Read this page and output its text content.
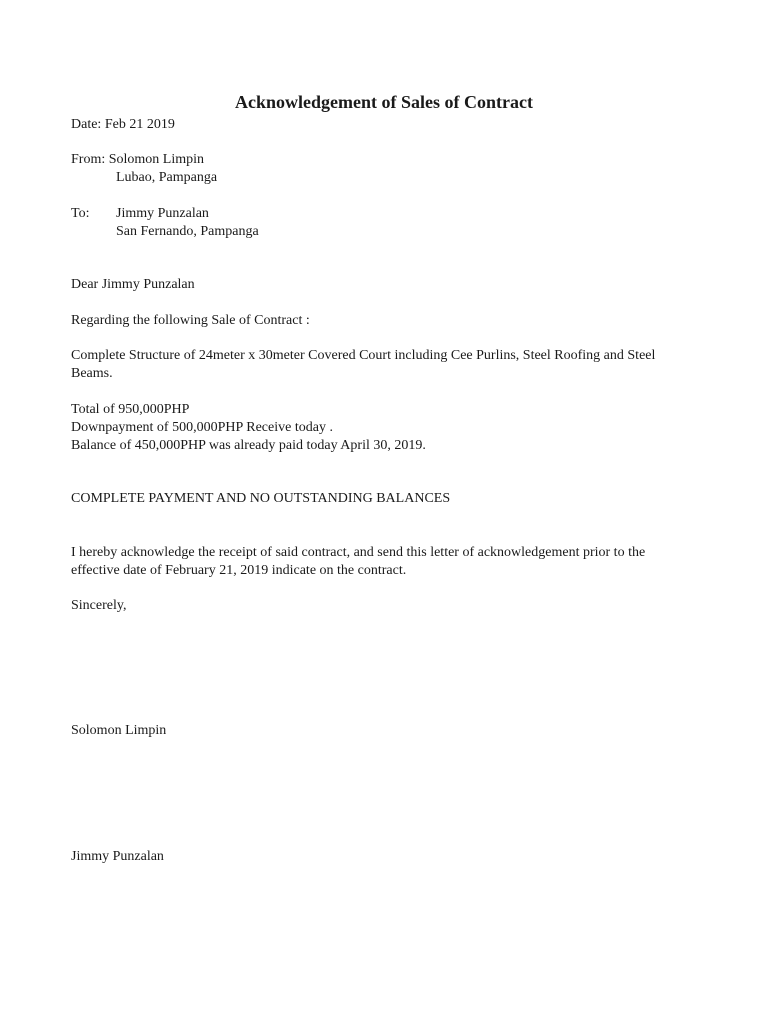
Acknowledgement of Sales of Contract

Date: Feb 21 2019

From: Solomon Limpin

Lubao, Pampanga

To: Jimmy Punzalan

San Fernando, Pampanga

Dear Jimmy Punzalan

Regarding the following Sale of Contract :

Complete Structure of 24meter x 30meter Covered Court including Cee Purlins, Steel Roofing and Steel Beams.

Total of 950,000PHP

Downpayment of 500,000PHP Receive today .

Balance of 450,000PHP was already paid today April 30, 2019.

COMPLETE PAYMENT AND NO OUTSTANDING BALANCES

I hereby acknowledge the receipt of said contract, and send this letter of acknowledgement prior to the effective date of February 21, 2019 indicate on the contract.

Sincerely,

Solomon Limpin

Jimmy Punzalan
